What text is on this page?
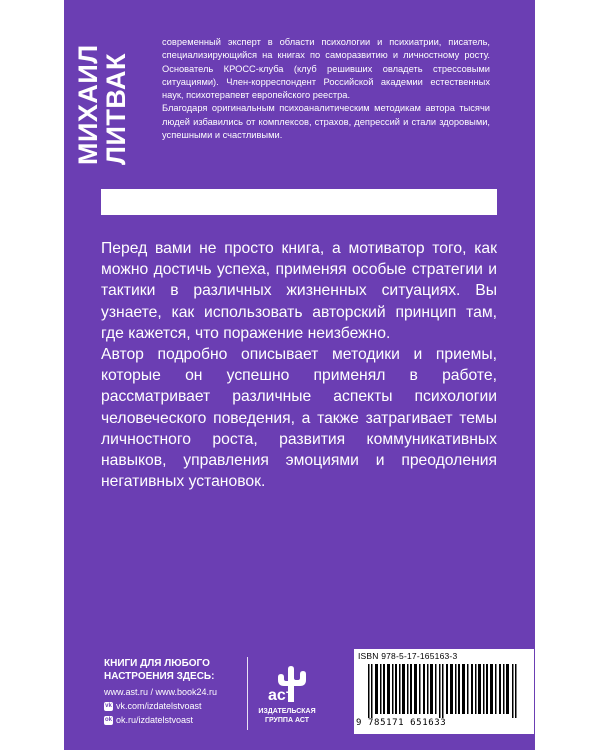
МИХАИЛ
ЛИТВАК

современный эксперт в области психологии и психиатрии, писатель, специализирующийся на книгах по саморазвитию и личностному росту. Основатель КРОСС-клуба (клуб решивших овладеть стрессовыми ситуациями). Член-корреспондент Российской академии естественных наук, психотерапевт европейского реестра.

Благодаря оригинальным психоаналитическим методикам автора тысячи людей избавились от комплексов, страхов, депрессий и стали здоровыми, успешными и счастливыми.

Перед вами не просто книга, а мотиватор того, как можно достичь успеха, применяя особые стратегии и тактики в различных жизненных ситуациях. Вы узнаете, как использовать авторский принцип там, где кажется, что поражение неизбежно.

Автор подробно описывает методики и приемы, которые он успешно применял в работе, рассматривает различные аспекты психологии человеческого поведения, а также затрагивает темы личностного роста, развития коммуникативных навыков, управления эмоциями и преодоления негативных установок.

КНИГИ ДЛЯ ЛЮБОГО
НАСТРОЕНИЯ ЗДЕСЬ:
www.ast.ru / www.book24.ru
vk vk.com/izdatelstvoast
ok ok.ru/izdatelstvoast
аст
ИЗДАТЕЛЬСКАЯ
ГРУППА АСТ
ISBN 978-5-17-165163-3
9 785171 651633
